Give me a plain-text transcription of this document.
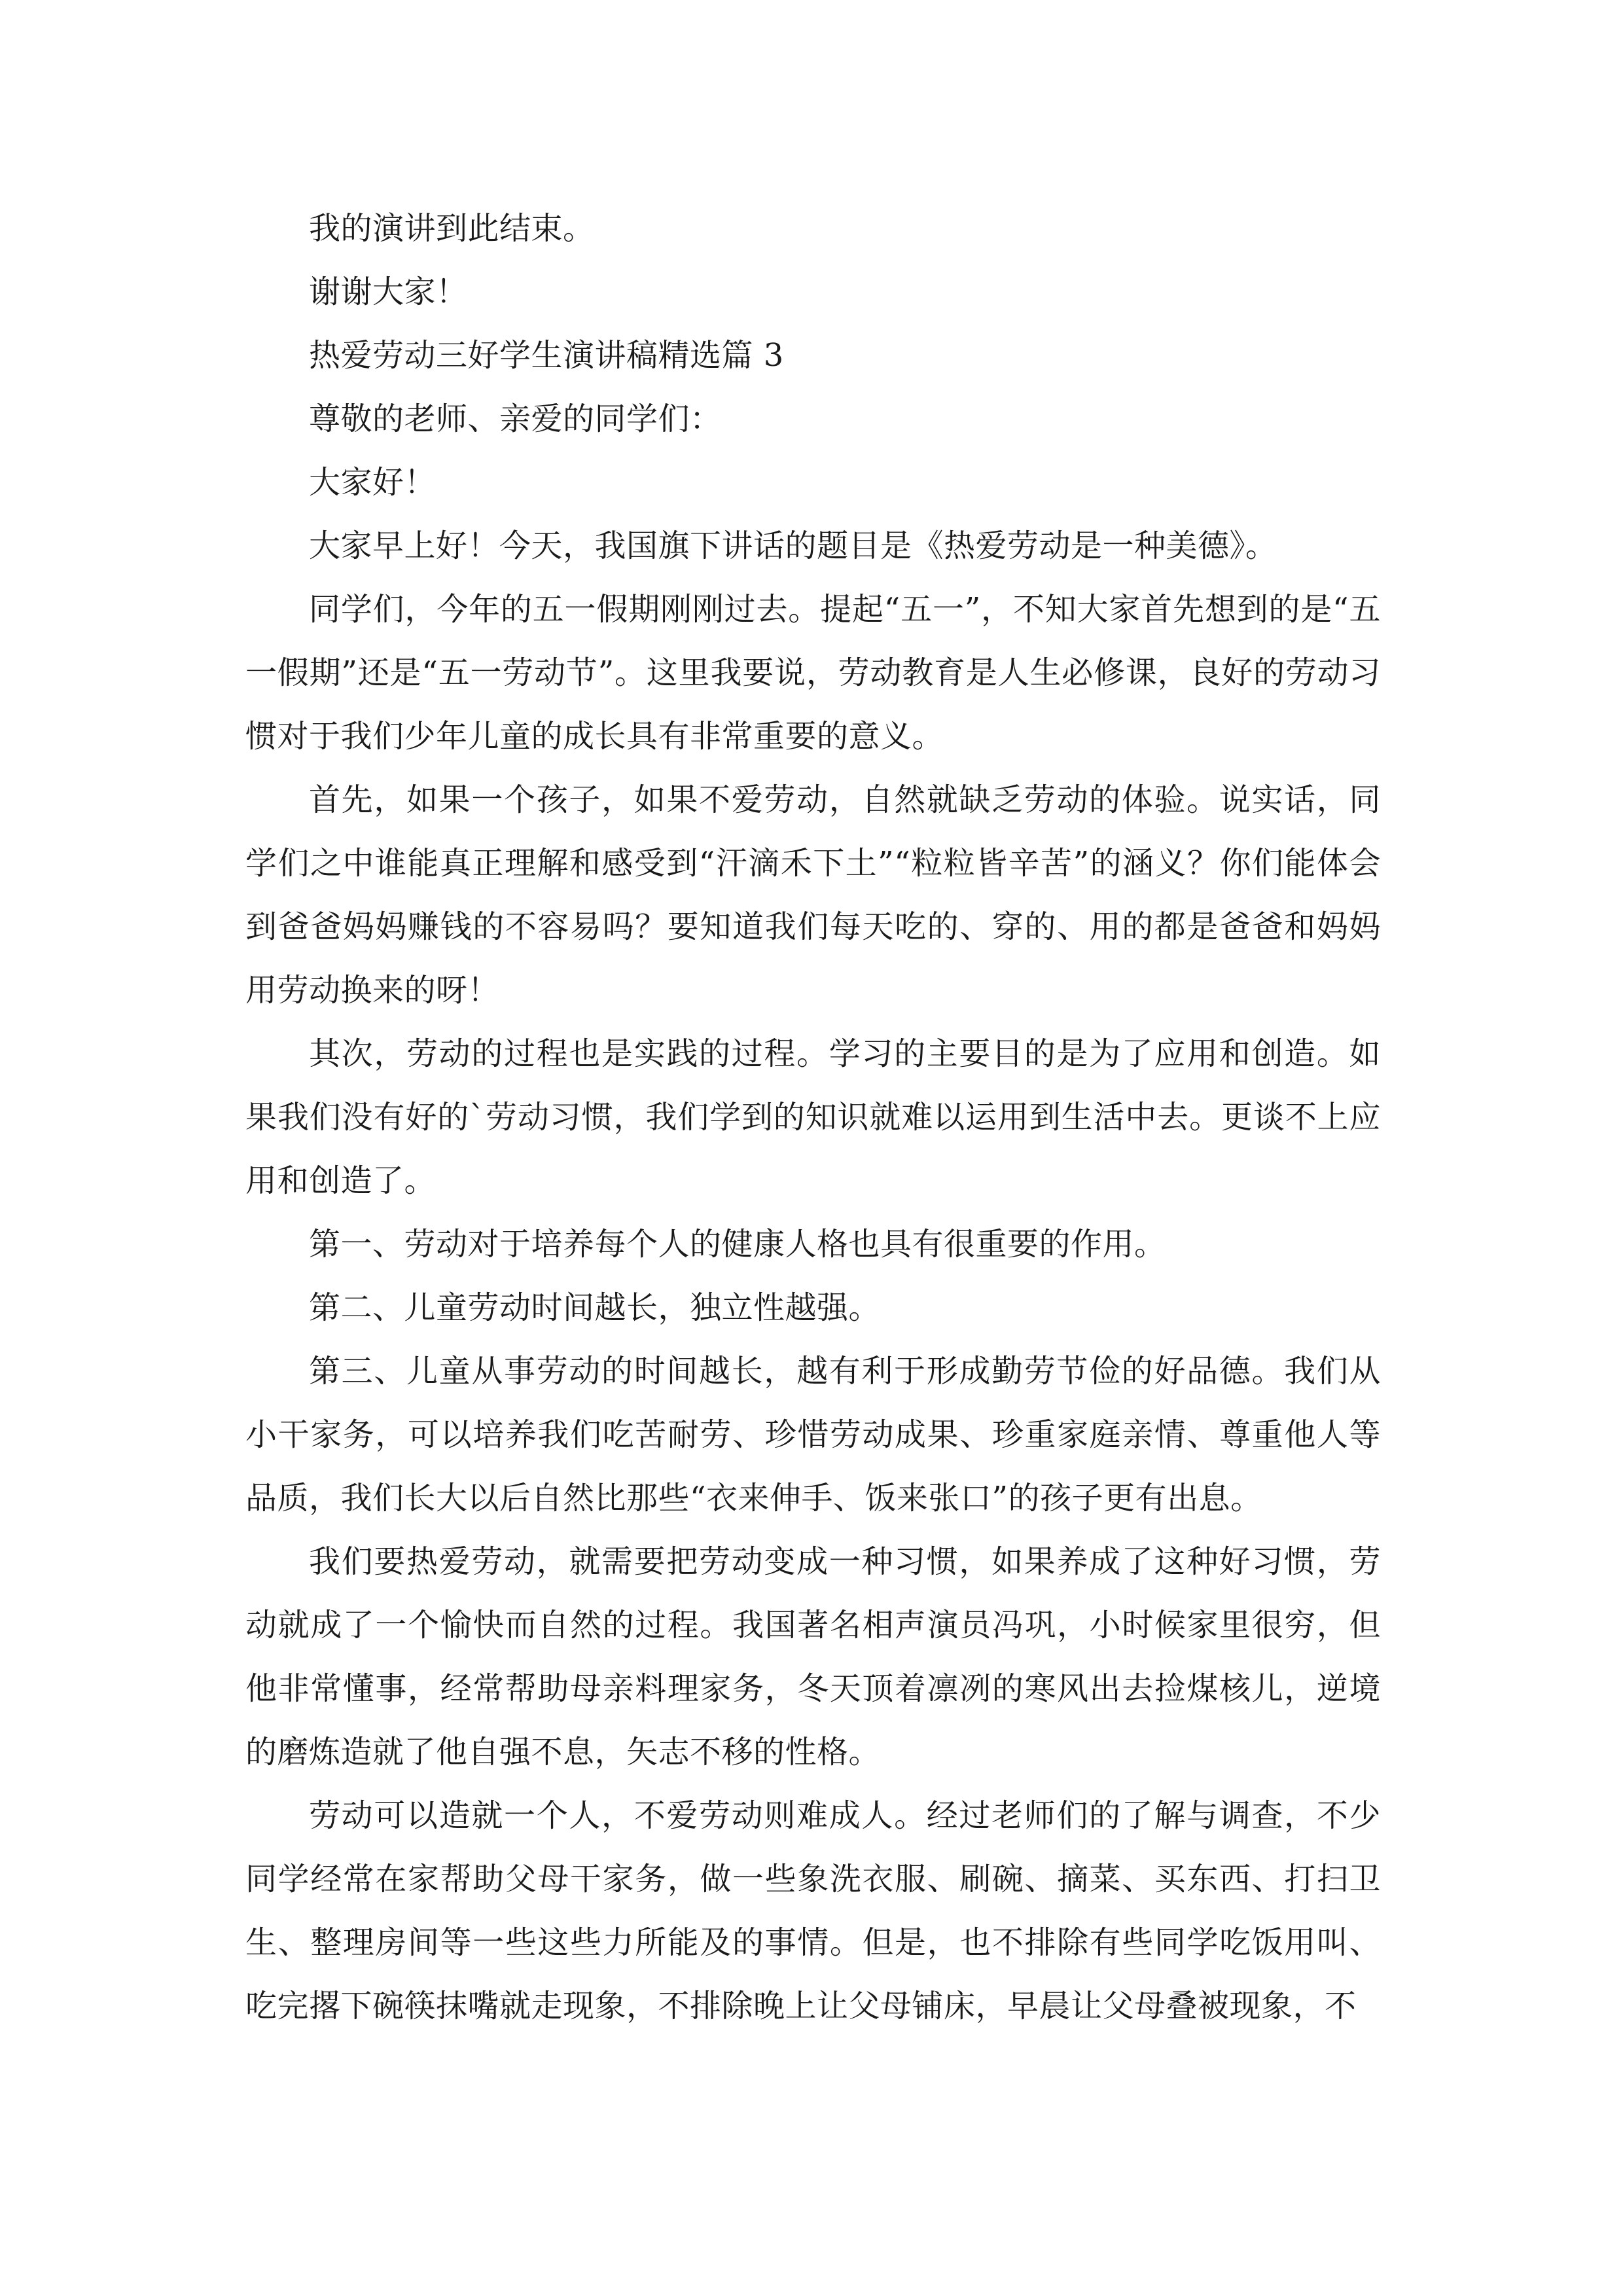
我的演讲到此结束。

谢谢大家！

热爱劳动三好学生演讲稿精选篇 3

尊敬的老师、亲爱的同学们：

大家好！

大家早上好！今天，我国旗下讲话的题目是《热爱劳动是一种美德》。

同学们，今年的五一假期刚刚过去。提起“五一”，不知大家首先想到的是“五一假期”还是“五一劳动节”。这里我要说，劳动教育是人生必修课，良好的劳动习惯对于我们少年儿童的成长具有非常重要的意义。

首先，如果一个孩子，如果不爱劳动，自然就缺乏劳动的体验。说实话，同学们之中谁能真正理解和感受到“汗滴禾下土”“粒粒皆辛苦”的涵义？你们能体会到爸爸妈妈赚钱的不容易吗？要知道我们每天吃的、穿的、用的都是爸爸和妈妈用劳动换来的呀！

其次，劳动的过程也是实践的过程。学习的主要目的是为了应用和创造。如果我们没有好的`劳动习惯，我们学到的知识就难以运用到生活中去。更谈不上应用和创造了。

第一、劳动对于培养每个人的健康人格也具有很重要的作用。

第二、儿童劳动时间越长，独立性越强。

第三、儿童从事劳动的时间越长，越有利于形成勤劳节俭的好品德。我们从小干家务，可以培养我们吃苦耐劳、珍惜劳动成果、珍重家庭亲情、尊重他人等品质，我们长大以后自然比那些“衣来伸手、饭来张口”的孩子更有出息。

我们要热爱劳动，就需要把劳动变成一种习惯，如果养成了这种好习惯，劳动就成了一个愉快而自然的过程。我国著名相声演员冯巩，小时候家里很穷，但他非常懂事，经常帮助母亲料理家务，冬天顶着凛冽的寒风出去捡煤核儿，逆境的磨炼造就了他自强不息，矢志不移的性格。

劳动可以造就一个人，不爱劳动则难成人。经过老师们的了解与调查，不少同学经常在家帮助父母干家务，做一些象洗衣服、刷碗、摘菜、买东西、打扫卫生、整理房间等一些这些力所能及的事情。但是，也不排除有些同学吃饭用叫、吃完撂下碗筷抹嘴就走现象，不排除晚上让父母铺床，早晨让父母叠被现象，不
